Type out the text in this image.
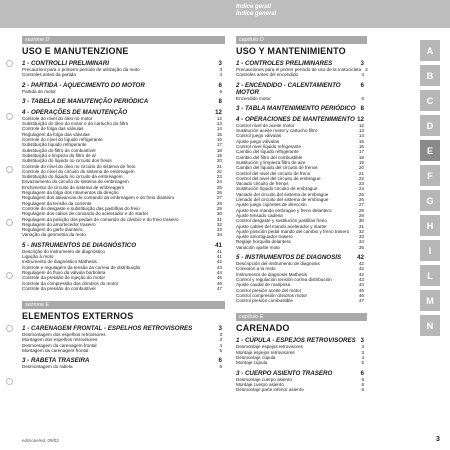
Indice gerall
Índice general
sezione D
USO E MANUTENZIONE
1 - CONTROLLI PRELIMINARI	3
Precauzioni para o primeiro período de utilização da moto	3
Controles antes da partida	4
2 - PARTIDA - AQUECIMENTO DO MOTOR	6
Partida do motor	6
3 - TABELA DE MANUTENÇÃO PERIÓDICA	8
4 - OPERAÇÕES DE MANUTENÇÃO	12
Controle do nível do óleo no motor	12
Substituição do óleo do motor e do cartucho do filtro	13
Controle de folga das válvulas	14
Regulagem da folga das válvulas	15
Controle do nível do líquido refrigerante	16
Substituição líquido refrigerante	17
Substituição do filtro do combustível	18
Substituição e limpeza do filtro de ar	19
Substituição do líquido no circuito dos freios	20
Controle do nível do óleo no circuito do sistema de freio	21
Controle do nível do circuito do sistema de embreagem	22
Substituição do líquido no circuito da embreagem	23
Esvaziamento do circuito do sistema de embreagem	24
Enchimento do circuito do sistema de embreagem	25
Regulagem da folga dos rolamentos da direção	26
Regulagem dos alavancas de comando da embreagem e do freio dianteiro	27
Regulagem da tensão da corrente	28
Controle do desgaste e substituição das pastilhas do freio	29
Regulagem dos cabos de comando do acelerador e do starter	30
Regulagem da posição dos pedais de comando do câmbio e do freio traseiro	31
Regulagem do amortecedor traseiro	32
Regulagem do garfo dianteiro	33
Variação da geometria da moto	34
5 - INSTRUMENTOS DE DIAGNÓSTICO	41
Descrição do instrumento de diagnóstico	41
Ligação à moto	41
Instrumento de diagnóstico Mathesis	42
Controle e regulagem da tensão da correia de distribuição	43
Regulagem do fluxo da válvula borboleta	44
Controle da pressão de injeção do motor	45
Controle da compressão dos cilindros do motor	46
Controle da pressão do combustível	47
sezione E
ELEMENTOS EXTERNOS
1 - CARENAGEM FRONTAL - ESPELHOS RETROVISORES	3
Desmontagem dos espelhos retrovisores	3
Montagem dos espelhos retrovisores	3
Desmontagem da carenagem frontal	4
Montagem da carenagem frontal	5
3 - RABETA TRASEIRA	6
Desmontagem do rabeta	6
capítulo D
USO Y MANTENIMIENTO
1 - CONTROLES PRELIMINARES	3
Precauciones para el primer período de uso de la motocicleta 3
Controles antes del encendido	4
2 - ENCENDIDO - CALENTAMIENTO MOTOR
6
Encendido motor	6
3 - TABLA MANTENIMIENTO PERIÓDICO 8
4 - OPERACIONES DE MANTENIMIENTO 12
Control nivel de aceite motor	12
Sustitución aceite motor y cartucho filtro	13
Control juego válvulas	14
Ajuste juego válvulas	15
Control nivel líquido refrigerante	16
Cambio del líquido refrigerante	17
Cambio del filtro del combustible	18
Sustitución y limpieza filtro de aire	19
Cambio del líquido del circuito de frenos	20
Control del nivel del circuito de freno	21
Control del nivel del circuito de embrague	22
Vaciado circuito de frenos	23
Sustitución líquido circuito de embrague	24
Vaciado del circuito del sistema de embrague	25
Llenado del circuito del sistema de embrague	26
Ajuste juego cojinetes de dirección	27
Ajuste leva mando embrague y freno delantero	28
Ajuste tensado cadena	29
Control desgaste y sustitución pastillas freno	30
Ajuste cables del mando acelerador y starter	31
Ajuste posición pedal mando del cambio y freno trasero	32
Ajuste amortiguador trasero	33
Reglaje horquilla delantera	34
Variación ajuste moto	35
5 - INSTRUMENTOS DE DIAGNOSIS	42
Descripción del instrumento de diagnosis	42
Conexión a la moto	42
Instrumento de diagnosis Mathesis	42
Control y regulación tensión correa distribución	43
Ajuste caudal de mariposa	44
Control presión aceite del motor	45
Control compresión cilindros motor	46
Control presión combustible	47
capítulo E
CARENADO
1 - CÚPULA - ESPEJOS RETROVISORES 3
Desmontaje espejos retrovisores	3
Montaje espejos retrovisores	3
Desmontaje cúpula	4
Montaje cúpula	5
3 - CUERPO ASIENTO TRASERO	6
Desmontaje cuerpo asiento	6
Montaje cuerpo asiento	6
Desmontaje parte inferior asiento	6
A
B
C
D
E
F
G
H
I
L
M
N
edizione/ed. 09/03	3
